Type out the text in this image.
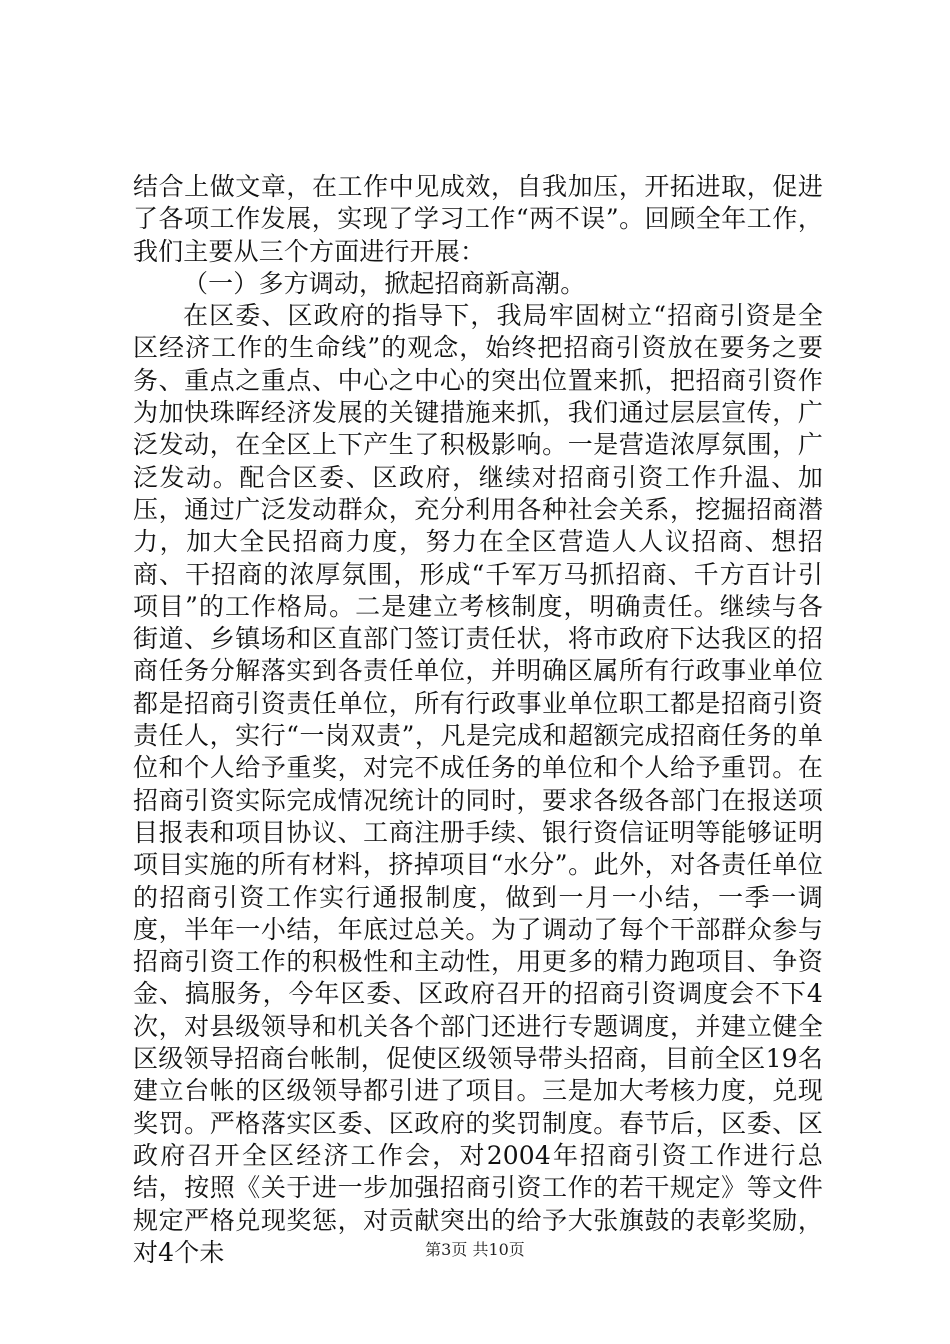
结合上做文章，在工作中见成效，自我加压，开拓进取，促进了各项工作发展，实现了学习工作“两不误”。回顾全年工作，我们主要从三个方面进行开展：

（一）多方调动，掀起招商新高潮。

在区委、区政府的指导下，我局牢固树立“招商引资是全区经济工作的生命线”的观念，始终把招商引资放在要务之要务、重点之重点、中心之中心的突出位置来抓，把招商引资作为加快珠晖经济发展的关键措施来抓，我们通过层层宣传，广泛发动，在全区上下产生了积极影响。一是营造浓厚氛围，广泛发动。配合区委、区政府，继续对招商引资工作升温、加压，通过广泛发动群众，充分利用各种社会关系，挖掘招商潜力，加大全民招商力度，努力在全区营造人人议招商、想招商、干招商的浓厚氛围，形成“千军万马抓招商、千方百计引项目”的工作格局。二是建立考核制度，明确责任。继续与各街道、乡镇场和区直部门签订责任状，将市政府下达我区的招商任务分解落实到各责任单位，并明确区属所有行政事业单位都是招商引资责任单位，所有行政事业单位职工都是招商引资责任人，实行“一岗双责”，凡是完成和超额完成招商任务的单位和个人给予重奖，对完不成任务的单位和个人给予重罚。在招商引资实际完成情况统计的同时，要求各级各部门在报送项目报表和项目协议、工商注册手续、银行资信证明等能够证明项目实施的所有材料，挤掉项目“水分”。此外，对各责任单位的招商引资工作实行通报制度，做到一月一小结，一季一调度，半年一小结，年底过总关。为了调动了每个干部群众参与招商引资工作的积极性和主动性，用更多的精力跑项目、争资金、搞服务，今年区委、区政府召开的招商引资调度会不下4次，对县级领导和机关各个部门还进行专题调度，并建立健全区级领导招商台帐制，促使区级领导带头招商，目前全区19名建立台帐的区级领导都引进了项目。三是加大考核力度，兑现奖罚。严格落实区委、区政府的奖罚制度。春节后，区委、区政府召开全区经济工作会，对2004年招商引资工作进行总结，按照《关于进一步加强招商引资工作的若干规定》等文件规定严格兑现奖惩，对贡献突出的给予大张旗鼓的表彰奖励，对4个未	第3页 共10页
